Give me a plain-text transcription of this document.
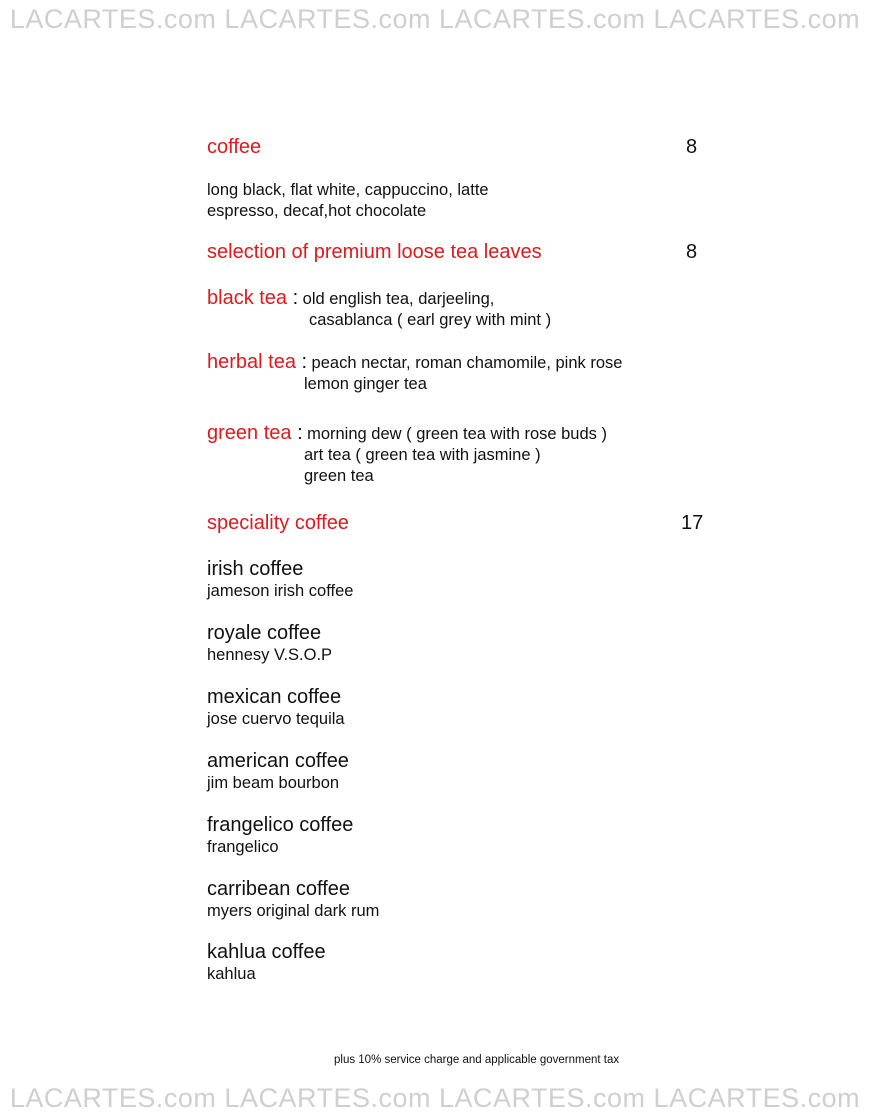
LACARTES.com LACARTES.com LACARTES.com LACARTES.com
coffee	8
long black, flat white, cappuccino, latte
espresso, decaf,hot chocolate
selection of premium loose tea leaves	8
black tea : old english tea, darjeeling,
casablanca ( earl grey with mint )
herbal tea : peach nectar, roman chamomile, pink rose
lemon ginger tea
green tea : morning dew ( green tea with rose buds )
art tea ( green tea with jasmine )
green tea
speciality coffee	17
irish coffee
jameson irish coffee
royale coffee
hennesy V.S.O.P
mexican coffee
jose cuervo tequila
american coffee
jim beam bourbon
frangelico coffee
frangelico
carribean coffee
myers original dark rum
kahlua coffee
kahlua
plus 10% service charge and applicable government tax
LACARTES.com LACARTES.com LACARTES.com LACARTES.com
